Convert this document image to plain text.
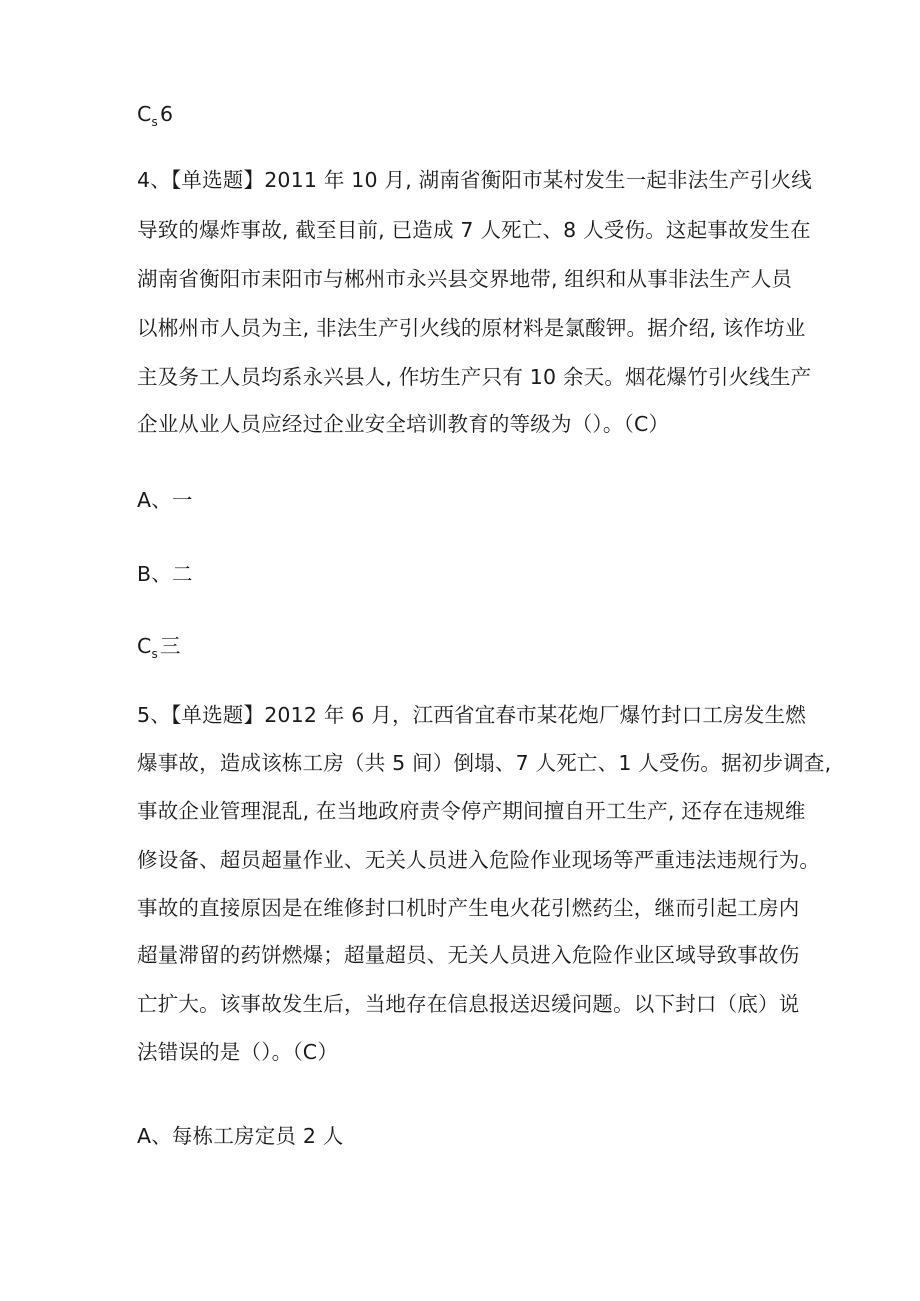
$C_s6$
4、【单选题】2011 年 10 月, 湖南省衡阳市某村发生一起非法生产引火线
导致的爆炸事故, 截至目前, 已造成 7 人死亡、8 人受伤。这起事故发生在
湖南省衡阳市耒阳市与郴州市永兴县交界地带, 组织和从事非法生产人员
以郴州市人员为主, 非法生产引火线的原材料是氯酸钾。据介绍, 该作坊业
主及务工人员均系永兴县人, 作坊生产只有 10 余天。烟花爆竹引火线生产
企业从业人员应经过企业安全培训教育的等级为（）。（C）
A、一
B、二
$C_s$三
5、【单选题】2012 年 6 月，江西省宜春市某花炮厂爆竹封口工房发生燃
爆事故，造成该栋工房（共 5 间）倒塌、7 人死亡、1 人受伤。据初步调查,
事故企业管理混乱, 在当地政府责令停产期间擅自开工生产, 还存在违规维
修设备、超员超量作业、无关人员进入危险作业现场等严重违法违规行为。
事故的直接原因是在维修封口机时产生电火花引燃药尘，继而引起工房内
超量滞留的药饼燃爆；超量超员、无关人员进入危险作业区域导致事故伤
亡扩大。该事故发生后，当地存在信息报送迟缓问题。以下封口（底）说
法错误的是（）。（C）
A、每栋工房定员 2 人
